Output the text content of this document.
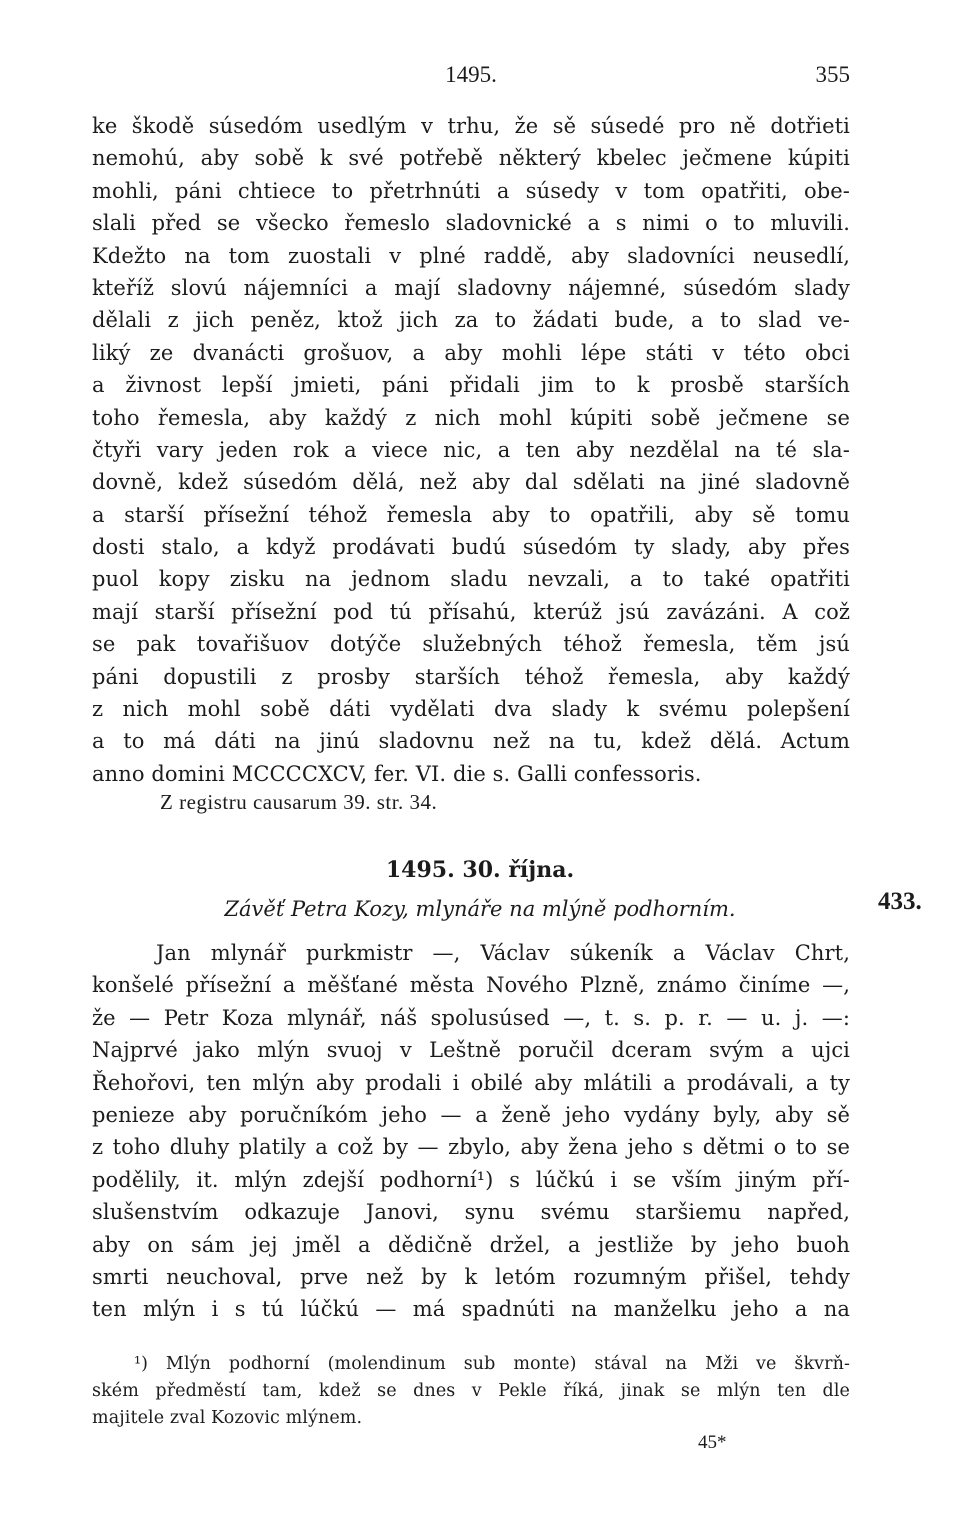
1495.	355
ke škodě súsedóm usedlým v trhu, že sě súsedé pro ně dotřieti
nemohú, aby sobě k své potřebě některý kbelec ječmene kúpiti
mohli, páni chtiece to přetrhnúti a súsedy v tom opatřiti, obe-
slali před se všecko řemeslo sladovnické a s nimi o to mluvili.
Kdežto na tom zuostali v plné raddě, aby sladovníci neusedlí,
kteříž slovú nájemníci a mají sladovny nájemné, súsedóm slady
dělali z jich peněz, ktož jich za to žádati bude, a to slad ve-
liký ze dvanácti grošuov, a aby mohli lépe státi v této obci
a živnost lepší jmieti, páni přidali jim to k prosbě starších
toho řemesla, aby každý z nich mohl kúpiti sobě ječmene se
čtyři vary jeden rok a viece nic, a ten aby nezdělal na té sla-
dovně, kdež súsedóm dělá, než aby dal sdělati na jiné sladovně
a starší přísežní téhož řemesla aby to opatřili, aby sě tomu
dosti stalo, a když prodávati budú súsedóm ty slady, aby přes
puol kopy zisku na jednom sladu nevzali, a to také opatřiti
mají starší přísežní pod tú přísahú, kterúž jsú zavázáni. A což
se pak tovařišuov dotýče služebných téhož řemesla, těm jsú
páni dopustili z prosby starších téhož řemesla, aby každý
z nich mohl sobě dáti vydělati dva slady k svému polepšení
a to má dáti na jinú sladovnu než na tu, kdež dělá. Actum
anno domini MCCCCXCV, fer. VI. die s. Galli confessoris.
Z registru causarum 39. str. 34.
1495. 30. října.
Závěť Petra Kozy, mlynáře na mlýně podhorním.	433.
Jan mlynář purkmistr —, Václav súkeník a Václav Chrt,
konšelé přísežní a měšťané města Nového Plzně, známo činíme —,
že — Petr Koza mlynář, náš spolusúsed —, t. s. p. r. — u. j. —:
Najprvé jako mlýn svuoj v Leštně poručil dceram svým a ujci
Řehořovi, ten mlýn aby prodali i obilé aby mlátili a prodávali, a ty
penieze aby poručníkóm jeho — a ženě jeho vydány byly, aby sě
z toho dluhy platily a což by — zbylo, aby žena jeho s dětmi o to se
podělily, it. mlýn zdejší podhorní¹) s lúčkú i se vším jiným pří-
slušenstvím odkazuje Janovi, synu svému staršiemu napřed,
aby on sám jej jměl a dědičně držel, a jestliže by jeho buoh
smrti neuchoval, prve než by k letóm rozumným přišel, tehdy
ten mlýn i s tú lúčkú — má spadnúti na manželku jeho a na
¹) Mlýn podhorní (molendinum sub monte) stával na Mži ve škvrň-
ském předměstí tam, kdež se dnes v Pekle říká, jinak se mlýn ten dle
majitele zval Kozovic mlýnem.
45*
